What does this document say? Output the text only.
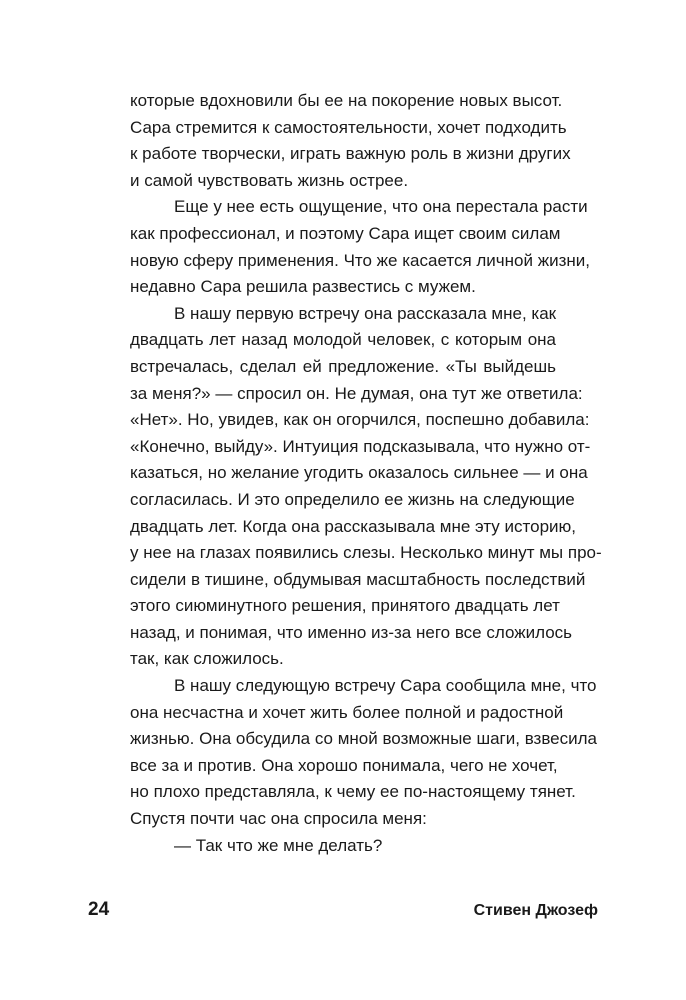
которые вдохновили бы ее на покорение новых высот.
Сара стремится к самостоятельности, хочет подходить
к работе творчески, играть важную роль в жизни других
и самой чувствовать жизнь острее.
Еще у нее есть ощущение, что она перестала расти
как профессионал, и поэтому Сара ищет своим силам
новую сферу применения. Что же касается личной жизни,
недавно Сара решила развестись с мужем.
В нашу первую встречу она рассказала мне, как
двадцать лет назад молодой человек, с которым она
встречалась, сделал ей предложение. «Ты выйдешь
за меня?» — спросил он. Не думая, она тут же ответила:
«Нет». Но, увидев, как он огорчился, поспешно добавила:
«Конечно, выйду». Интуиция подсказывала, что нужно от-
казаться, но желание угодить оказалось сильнее — и она
согласилась. И это определило ее жизнь на следующие
двадцать лет. Когда она рассказывала мне эту историю,
у нее на глазах появились слезы. Несколько минут мы про-
сидели в тишине, обдумывая масштабность последствий
этого сиюминутного решения, принятого двадцать лет
назад, и понимая, что именно из-за него все сложилось
так, как сложилось.
В нашу следующую встречу Сара сообщила мне, что
она несчастна и хочет жить более полной и радостной
жизнью. Она обсудила со мной возможные шаги, взвесила
все за и против. Она хорошо понимала, чего не хочет,
но плохо представляла, к чему ее по-настоящему тянет.
Спустя почти час она спросила меня:
— Так что же мне делать?
24	Стивен Джозеф
